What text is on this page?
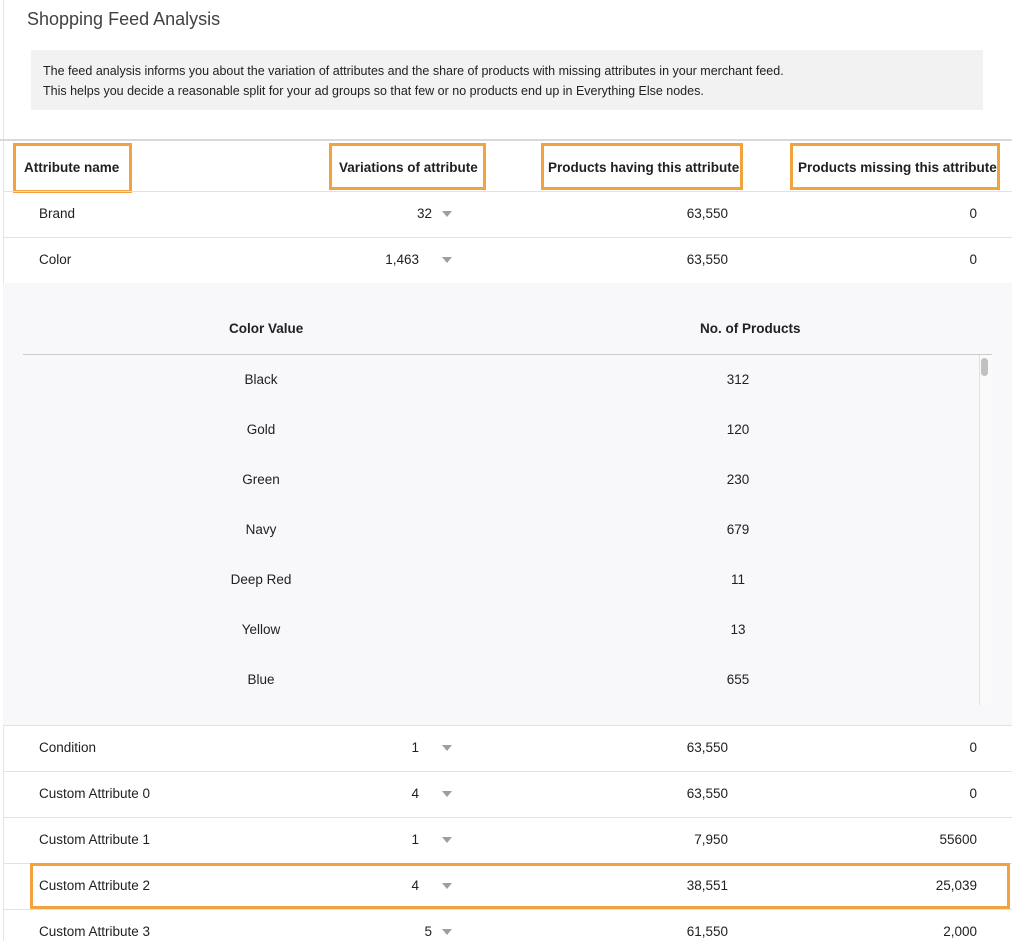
Shopping Feed Analysis
The feed analysis informs you about the variation of attributes and the share of products with missing attributes in your merchant feed.
This helps you decide a reasonable split for your ad groups so that few or no products end up in Everything Else nodes.
Attribute name	Variations of attribute	Products having this attribute	Products missing this attribute
Brand	32	63,550	0
Color	1,463	63,550	0
Color Value	No. of Products
Black	312
Gold	120
Green	230
Navy	679
Deep Red	11
Yellow	13
Blue	655
Condition	1	63,550	0
Custom Attribute 0	4	63,550	0
Custom Attribute 1	1	7,950	55600
Custom Attribute 2	4	38,551	25,039
Custom Attribute 3	5	61,550	2,000
